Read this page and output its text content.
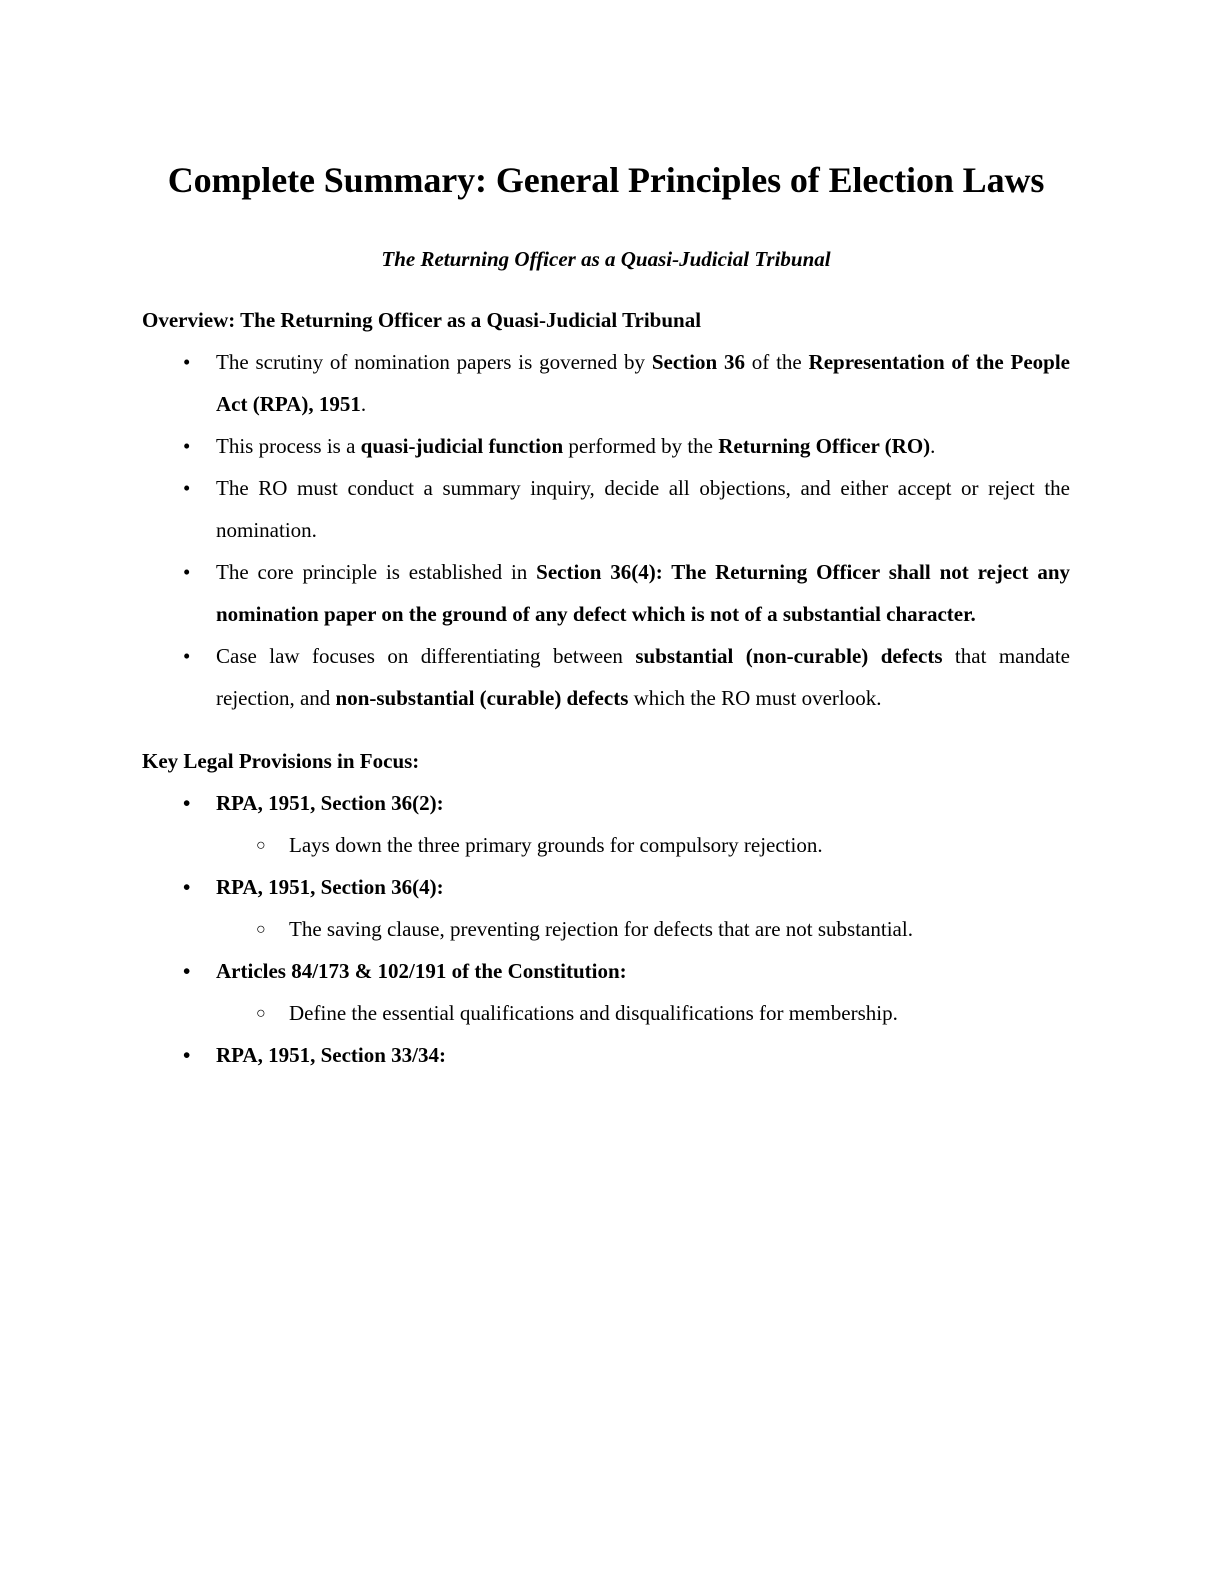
Complete Summary: General Principles of Election Laws

The Returning Officer as a Quasi-Judicial Tribunal

Overview: The Returning Officer as a Quasi-Judicial Tribunal
• The scrutiny of nomination papers is governed by Section 36 of the Representation of the People Act (RPA), 1951.
• This process is a quasi-judicial function performed by the Returning Officer (RO).
• The RO must conduct a summary inquiry, decide all objections, and either accept or reject the nomination.
• The core principle is established in Section 36(4): The Returning Officer shall not reject any nomination paper on the ground of any defect which is not of a substantial character.
• Case law focuses on differentiating between substantial (non-curable) defects that mandate rejection, and non-substantial (curable) defects which the RO must overlook.
Key Legal Provisions in Focus:
• RPA, 1951, Section 36(2):
○ Lays down the three primary grounds for compulsory rejection.
• RPA, 1951, Section 36(4):
○ The saving clause, preventing rejection for defects that are not substantial.
• Articles 84/173 & 102/191 of the Constitution:
○ Define the essential qualifications and disqualifications for membership.
• RPA, 1951, Section 33/34:
